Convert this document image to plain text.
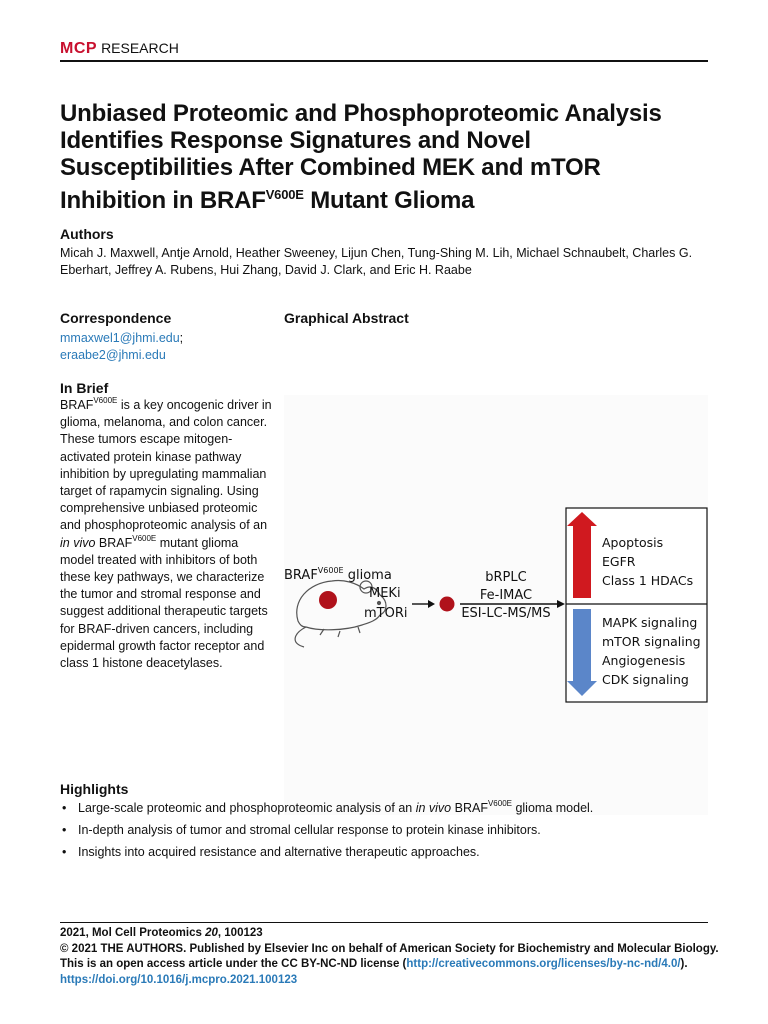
MCP RESEARCH
Unbiased Proteomic and Phosphoproteomic Analysis Identifies Response Signatures and Novel Susceptibilities After Combined MEK and mTOR Inhibition in $BRAF^{V600E}$ Mutant Glioma
Authors
Micah J. Maxwell, Antje Arnold, Heather Sweeney, Lijun Chen, Tung-Shing M. Lih, Michael Schnaubelt, Charles G. Eberhart, Jeffrey A. Rubens, Hui Zhang, David J. Clark, and Eric H. Raabe
Correspondence
mmaxwel1@jhmi.edu; eraabe2@jhmi.edu
Graphical Abstract
$BRAF^{V600E}$ glioma
MEKi
mTORi
bRPLC
Fe-IMAC
ESI-LC-MS/MS
Apoptosis
EGFR
Class 1 HDACs
MAPK signaling
mTOR signaling
Angiogenesis
CDK signaling
In Brief
$BRAF^{V600E}$ is a key oncogenic driver in glioma, melanoma, and colon cancer. These tumors escape mitogen-activated protein kinase pathway inhibition by upregulating mammalian target of rapamycin signaling. Using comprehensive unbiased proteomic and phosphoproteomic analysis of an in vivo $BRAF^{V600E}$ mutant glioma model treated with inhibitors of both these key pathways, we characterize the tumor and stromal response and suggest additional therapeutic targets for BRAF-driven cancers, including epidermal growth factor receptor and class 1 histone deacetylases.
Highlights
• Large-scale proteomic and phosphoproteomic analysis of an in vivo $BRAF^{V600E}$ glioma model.
• In-depth analysis of tumor and stromal cellular response to protein kinase inhibitors.
• Insights into acquired resistance and alternative therapeutic approaches.
2021, Mol Cell Proteomics 20, 100123
© 2021 THE AUTHORS. Published by Elsevier Inc on behalf of American Society for Biochemistry and Molecular Biology. This is an open access article under the CC BY-NC-ND license (http://creativecommons.org/licenses/by-nc-nd/4.0/).
https://doi.org/10.1016/j.mcpro.2021.100123
